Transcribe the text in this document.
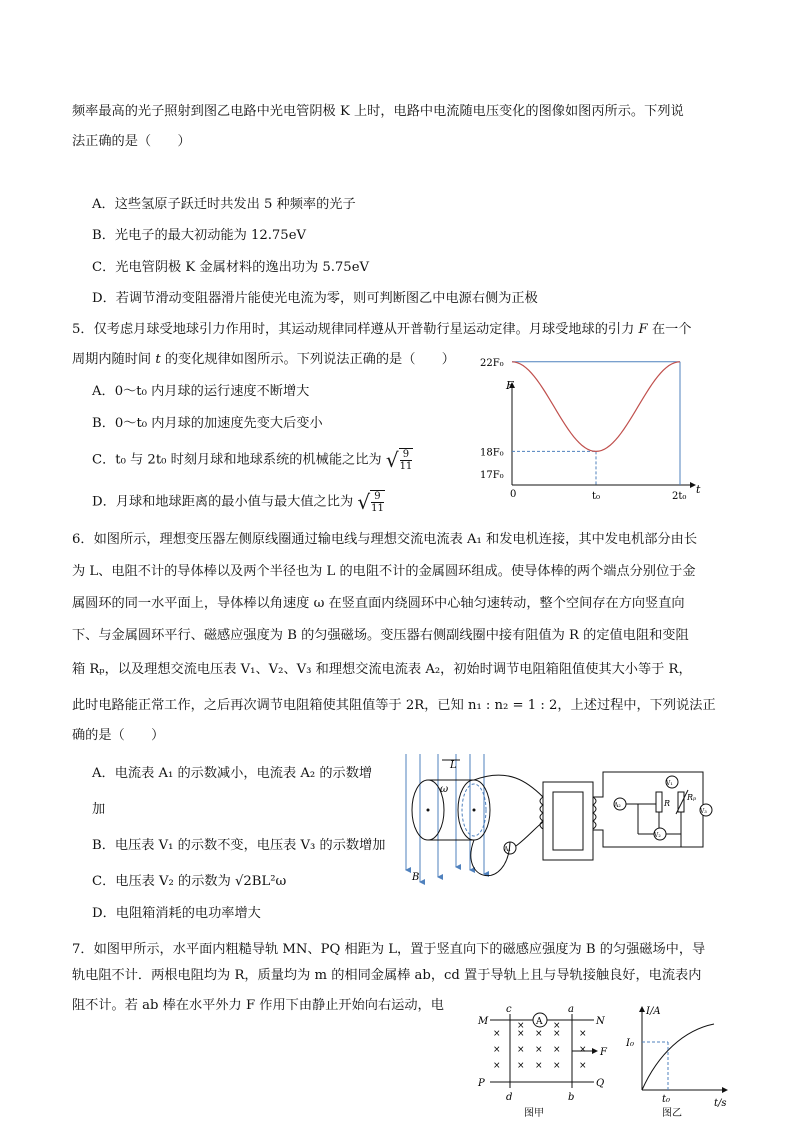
频率最高的光子照射到图乙电路中光电管阴极 K 上时，电路中电流随电压变化的图像如图丙所示。下列说
法正确的是（　　）
A．这些氢原子跃迁时共发出 5 种频率的光子
B．光电子的最大初动能为 12.75eV
C．光电管阴极 K 金属材料的逸出功为 5.75eV
D．若调节滑动变阻器滑片能使光电流为零，则可判断图乙中电源右侧为正极
5．仅考虑月球受地球引力作用时，其运动规律同样遵从开普勒行星运动定律。月球受地球的引力 F 在一个
周期内随时间 t 的变化规律如图所示。下列说法正确的是（　　）
A．0～t₀ 内月球的运行速度不断增大
B．0～t₀ 内月球的加速度先变大后变小
C．t₀ 与 2t₀ 时刻月球和地球系统的机械能之比为 √ $\frac{9}{11}$
D．月球和地球距离的最小值与最大值之比为 √ $\frac{9}{11}$
F
t
22F₀
18F₀
17F₀
0	t₀	2t₀
6．如图所示，理想变压器左侧原线圈通过输电线与理想交流电流表 A₁ 和发电机连接，其中发电机部分由长
为 L、电阻不计的导体棒以及两个半径也为 L 的电阻不计的金属圆环组成。使导体棒的两个端点分别位于金
属圆环的同一水平面上，导体棒以角速度 ω 在竖直面内绕圆环中心轴匀速转动，整个空间存在方向竖直向
下、与金属圆环平行、磁感应强度为 B 的匀强磁场。变压器右侧副线圈中接有阻值为 R 的定值电阻和变阻
箱 Rₚ，以及理想交流电压表 V₁、V₂、V₃ 和理想交流电流表 A₂，初始时调节电阻箱阻值使其大小等于 R，
此时电路能正常工作，之后再次调节电阻箱使其阻值等于 2R，已知 n₁ : n₂ = 1 : 2，上述过程中，下列说法正
确的是（　　）
A．电流表 A₁ 的示数减小，电流表 A₂ 的示数增
加
B．电压表 V₁ 的示数不变，电压表 V₃ 的示数增加
C．电压表 V₂ 的示数为 √2BL²ω
D．电阻箱消耗的电功率增大
B
L
ω
A₁
A₂	R
Rₚ
V₁
V₂
V₃
7．如图甲所示，水平面内粗糙导轨 MN、PQ 相距为 L，置于竖直向下的磁感应强度为 B 的匀强磁场中，导
轨电阻不计．两根电阻均为 R，质量均为 m 的相同金属棒 ab，cd 置于导轨上且与导轨接触良好，电流表内
阻不计。若 ab 棒在水平外力 F 作用下由静止开始向右运动，电
A
M	N
P	Q
c	a
d	b
× × × × ×
× × × × ×
× × × × ×
×	×
F
图甲
I/A
t/s
I₀
t₀
图乙
